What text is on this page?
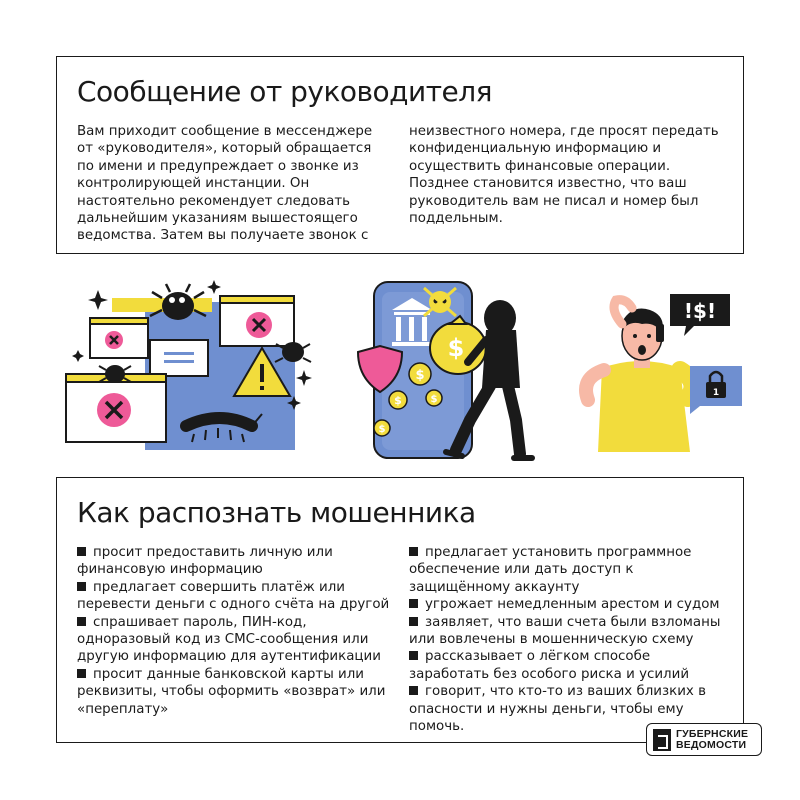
Сообщение от руководителя

Вам приходит сообщение в мессенджере от «руководителя», который обращается по имени и предупреждает о звонке из контролирующей инстанции. Он настоятельно рекомендует следовать дальнейшим указаниям вышестоящего ведомства. Затем вы получаете звонок с

неизвестного номера, где просят передать конфиденциальную информацию и осуществить финансовые операции. Позднее становится известно, что ваш руководитель вам не писал и номер был поддельным.

$
$	$
$
$
!$!
1
Как распознать мошенника
просит предоставить личную или финансовую информацию
предлагает совершить платёж или перевести деньги с одного счёта на другой
спрашивает пароль, ПИН-код, одноразовый код из СМС-сообщения или другую информацию для аутентификации
просит данные банковской карты или реквизиты, чтобы оформить «возврат» или «переплату»
предлагает установить программное обеспечение или дать доступ к защищённому аккаунту
угрожает немедленным арестом и судом
заявляет, что ваши счета были взломаны или вовлечены в мошенническую схему
рассказывает о лёгком способе заработать без особого риска и усилий
говорит, что кто-то из ваших близких в опасности и нужны деньги, чтобы ему помочь.	ГУБЕРНСКИЕ
ВЕДОМОСТИ
